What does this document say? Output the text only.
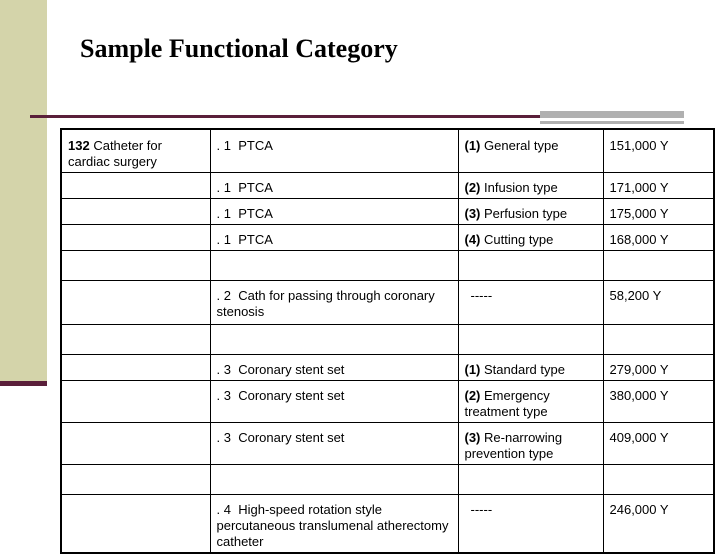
Sample Functional Category
132 Catheter for cardiac surgery	. 1 PTCA	(1) General type	151,000 Y
	. 1 PTCA	(2) Infusion type	171,000 Y
	. 1 PTCA	(3) Perfusion type	175,000 Y
	. 1 PTCA	(4) Cutting type	168,000 Y

	. 2 Cath for passing through coronary stenosis	-----	58,200 Y

	. 3 Coronary stent set	(1) Standard type	279,000 Y
	. 3 Coronary stent set	(2) Emergency treatment type	380,000 Y
	. 3 Coronary stent set	(3) Re-narrowing prevention type	409,000 Y

	. 4 High-speed rotation style percutaneous translumenal atherectomy catheter	-----	246,000 Y
